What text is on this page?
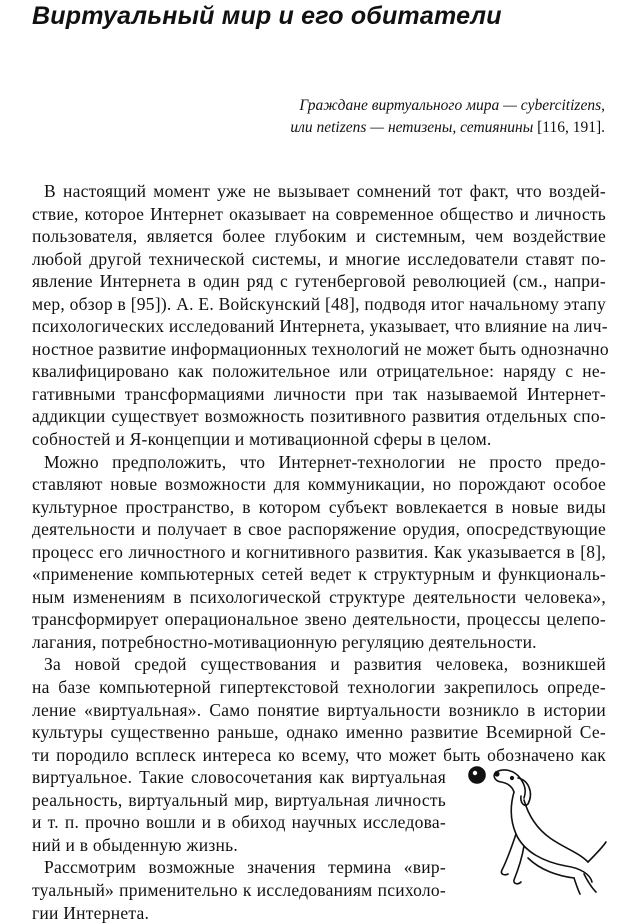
Виртуальный мир и его обитатели
Граждане виртуального мира — cybercitizens,
или netizens — нетизены, сетиянины [116, 191].
В настоящий момент уже не вызывает сомнений тот факт, что воздей-
ствие, которое Интернет оказывает на современное общество и личность
пользователя, является более глубоким и системным, чем воздействие
любой другой технической системы, и многие исследователи ставят по-
явление Интернета в один ряд с гутенберговой революцией (см., напри-
мер, обзор в [95]). А. Е. Войскунский [48], подводя итог начальному этапу
психологических исследований Интернета, указывает, что влияние на лич-
ностное развитие информационных технологий не может быть однозначно
квалифицировано как положительное или отрицательное: наряду с не-
гативными трансформациями личности при так называемой Интернет-
аддикции существует возможность позитивного развития отдельных спо-
собностей и Я-концепции и мотивационной сферы в целом.
Можно предположить, что Интернет-технологии не просто предо-
ставляют новые возможности для коммуникации, но порождают особое
культурное пространство, в котором субъект вовлекается в новые виды
деятельности и получает в свое распоряжение орудия, опосредствующие
процесс его личностного и когнитивного развития. Как указывается в [8],
«применение компьютерных сетей ведет к структурным и функциональ-
ным изменениям в психологической структуре деятельности человека»,
трансформирует операциональное звено деятельности, процессы целепо-
лагания, потребностно-мотивационную регуляцию деятельности.
За новой средой существования и развития человека, возникшей
на базе компьютерной гипертекстовой технологии закрепилось опреде-
ление «виртуальная». Само понятие виртуальности возникло в истории
культуры существенно раньше, однако именно развитие Всемирной Се-
ти породило всплеск интереса ко всему, что может быть обозначено как
виртуальное. Такие словосочетания как виртуальная
реальность, виртуальный мир, виртуальная личность
и т. п. прочно вошли и в обиход научных исследова-
ний и в обыденную жизнь.
Рассмотрим возможные значения термина «вир-
туальный» применительно к исследованиям психоло-
гии Интернета.
